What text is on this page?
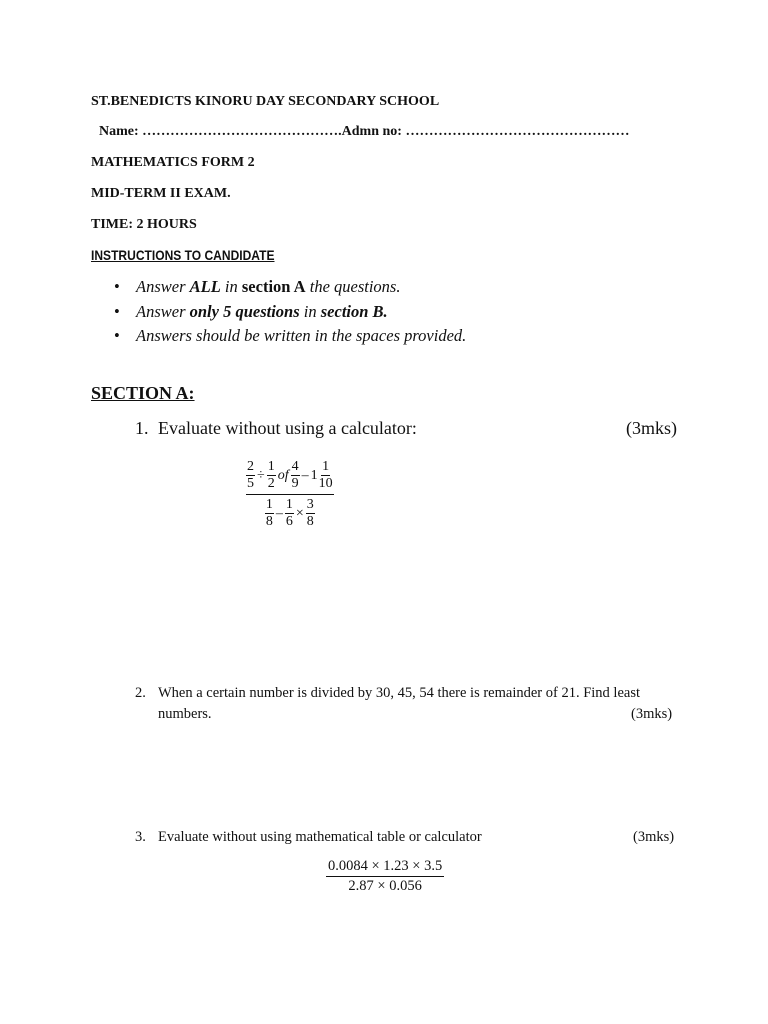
ST.BENEDICTS KINORU DAY SECONDARY SCHOOL
Name: …………………………………….Admn no: …………………………………………
MATHEMATICS FORM 2
MID-TERM II EXAM.
TIME: 2 HOURS
INSTRUCTIONS TO CANDIDATE
• Answer ALL in section A the questions.
• Answer only 5 questions in section B.
• Answers should be written in the spaces provided.
SECTION A:
1. Evaluate without using a calculator:	(3mks)
$\frac{2}{5} \div \frac{1}{2}$ of $\frac{4}{9} - 1 \frac{1}{10}$
$\frac{1}{8} - \frac{1}{6} \times \frac{3}{8}$
2. When a certain number is divided by 30, 45, 54 there is remainder of 21. Find least
numbers.	(3mks)
3. Evaluate without using mathematical table or calculator	(3mks)
$\frac{0.0084 \times 1.23 \times 3.5}{2.87 \times 0.056}$
